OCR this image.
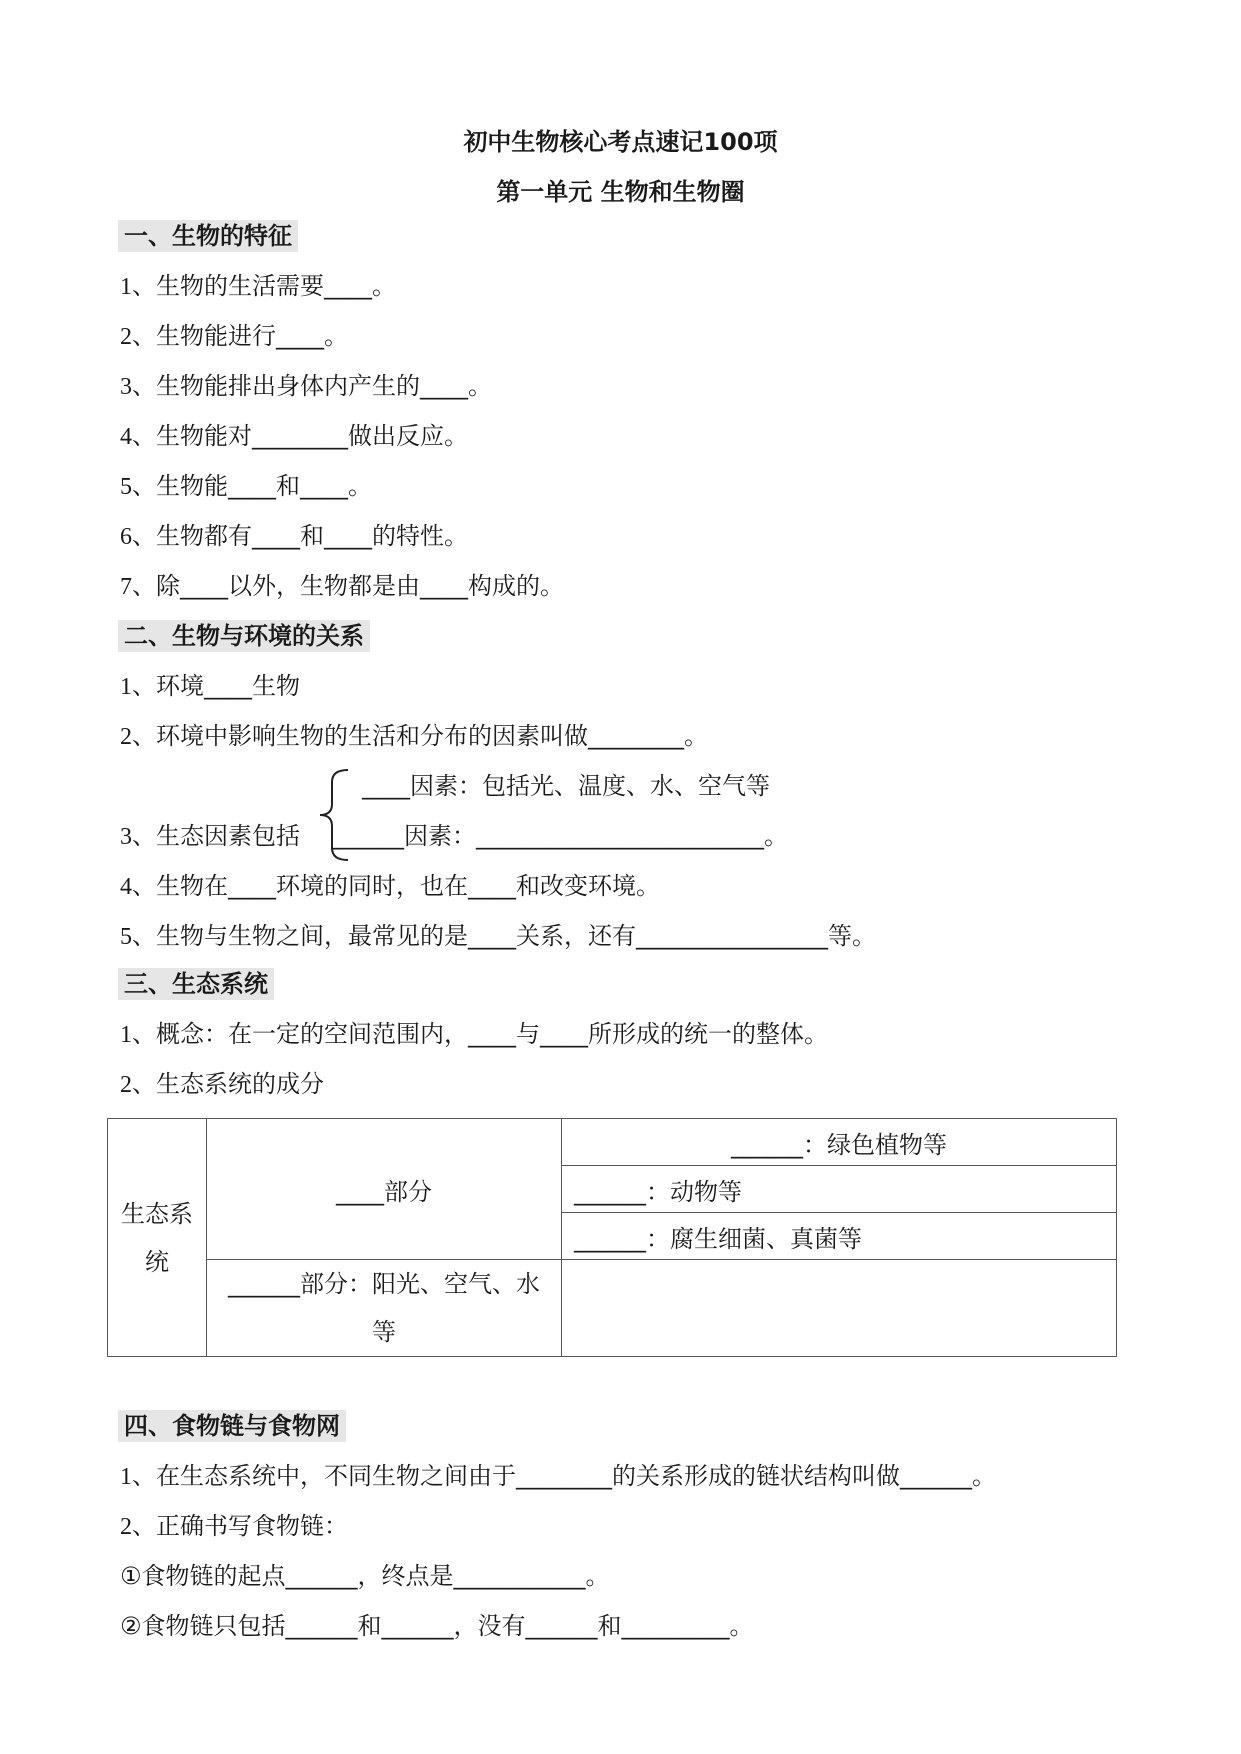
初中生物核心考点速记100项
第一单元 生物和生物圈
一、生物的特征
1、生物的生活需要____。
2、生物能进行____。
3、生物能排出身体内产生的____。
4、生物能对________做出反应。
5、生物能____和____。
6、生物都有____和____的特性。
7、除____以外，生物都是由____构成的。
二、生物与环境的关系
1、环境____生物
2、环境中影响生物的生活和分布的因素叫做________。
____因素：包括光、温度、水、空气等
3、生态因素包括 ______因素：________________________。
4、生物在____环境的同时，也在____和改变环境。
5、生物与生物之间，最常见的是____关系，还有________________等。
三、生态系统
1、概念：在一定的空间范围内，____与____所形成的统一的整体。
2、生态系统的成分
生态系统	____部分	______：绿色植物等
		______：动物等
		______：腐生细菌、真菌等
	______部分：阳光、空气、水等	
四、食物链与食物网
1、在生态系统中，不同生物之间由于________的关系形成的链状结构叫做______。
2、正确书写食物链：
①食物链的起点______，终点是___________。
②食物链只包括______和______，没有______和_________。
